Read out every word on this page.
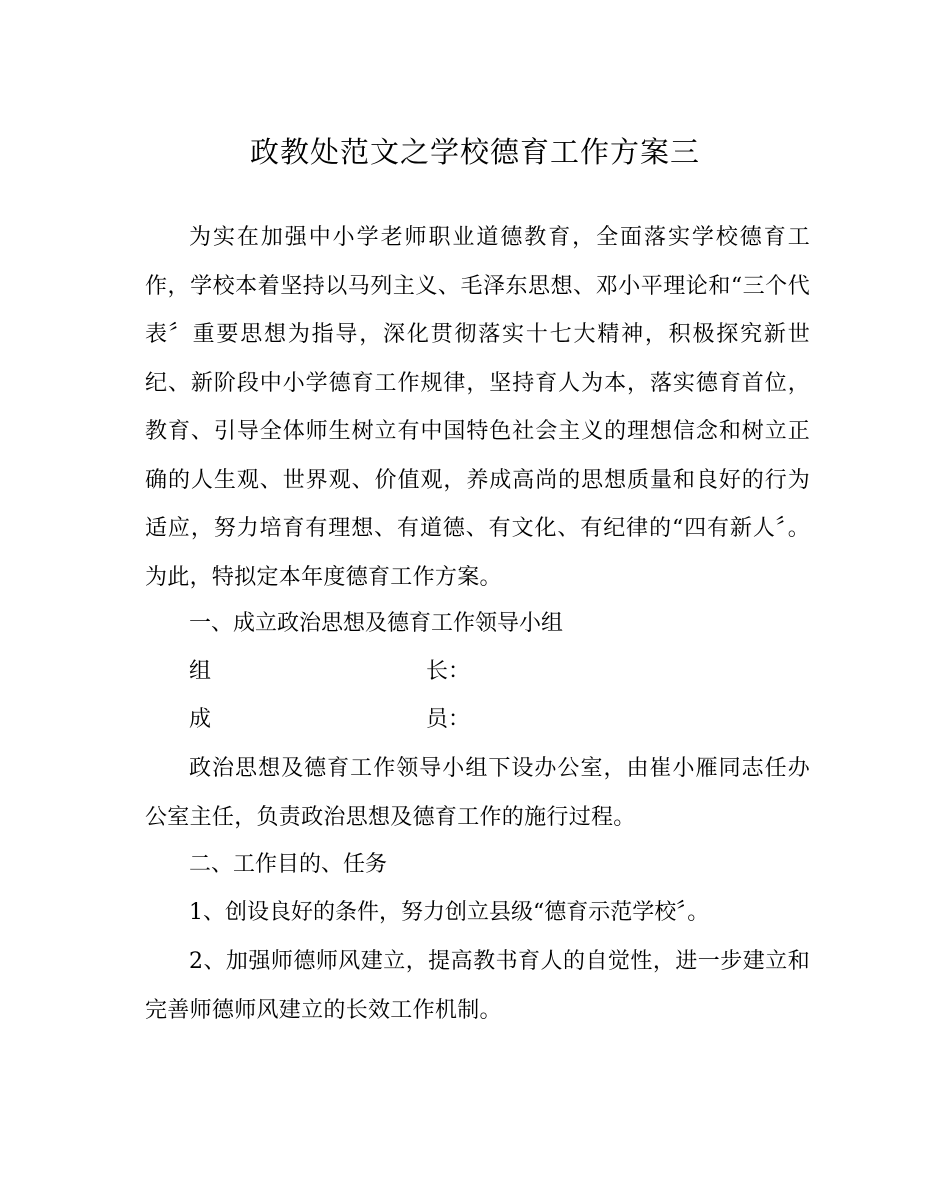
政教处范文之学校德育工作方案三

为实在加强中小学老师职业道德教育，全面落实学校德育工作，学校本着坚持以马列主义、毛泽东思想、邓小平理论和“三个代表〞重要思想为指导，深化贯彻落实十七大精神，积极探究新世纪、新阶段中小学德育工作规律，坚持育人为本，落实德育首位，教育、引导全体师生树立有中国特色社会主义的理想信念和树立正确的人生观、世界观、价值观，养成高尚的思想质量和良好的行为适应，努力培育有理想、有道德、有文化、有纪律的“四有新人〞。为此，特拟定本年度德育工作方案。

一、成立政治思想及德育工作领导小组
组	长：
成	员：

政治思想及德育工作领导小组下设办公室，由崔小雁同志任办公室主任，负责政治思想及德育工作的施行过程。

二、工作目的、任务
1、创设良好的条件，努力创立县级“德育示范学校〞。

2、加强师德师风建立，提高教书育人的自觉性，进一步建立和完善师德师风建立的长效工作机制。
